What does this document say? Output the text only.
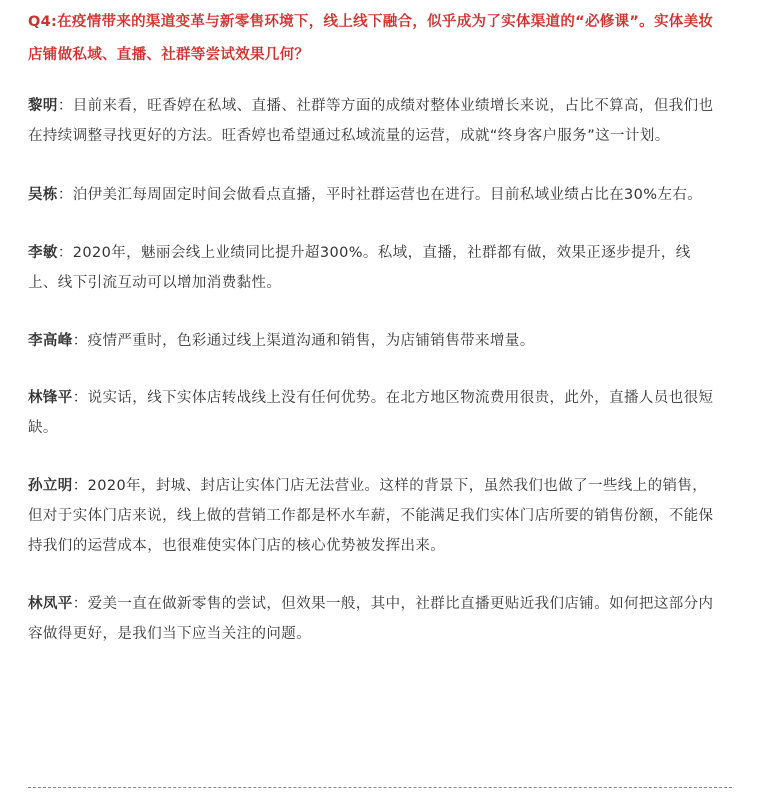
Q4:在疫情带来的渠道变革与新零售环境下，线上线下融合，似乎成为了实体渠道的“必修课”。实体美妆店铺做私域、直播、社群等尝试效果几何？

黎明：目前来看，旺香婷在私域、直播、社群等方面的成绩对整体业绩增长来说，占比不算高，但我们也在持续调整寻找更好的方法。旺香婷也希望通过私域流量的运营，成就“终身客户服务”这一计划。

吴栋：泊伊美汇每周固定时间会做看点直播，平时社群运营也在进行。目前私域业绩占比在30%左右。

李敏：2020年，魅丽会线上业绩同比提升超300%。私域，直播，社群都有做，效果正逐步提升，线上、线下引流互动可以增加消费黏性。

李高峰：疫情严重时，色彩通过线上渠道沟通和销售，为店铺销售带来增量。

林锋平：说实话，线下实体店转战线上没有任何优势。在北方地区物流费用很贵，此外，直播人员也很短缺。

孙立明：2020年，封城、封店让实体门店无法营业。这样的背景下，虽然我们也做了一些线上的销售，但对于实体门店来说，线上做的营销工作都是杯水车薪，不能满足我们实体门店所要的销售份额，不能保持我们的运营成本，也很难使实体门店的核心优势被发挥出来。

林凤平：爱美一直在做新零售的尝试，但效果一般，其中，社群比直播更贴近我们店铺。如何把这部分内容做得更好，是我们当下应当关注的问题。
